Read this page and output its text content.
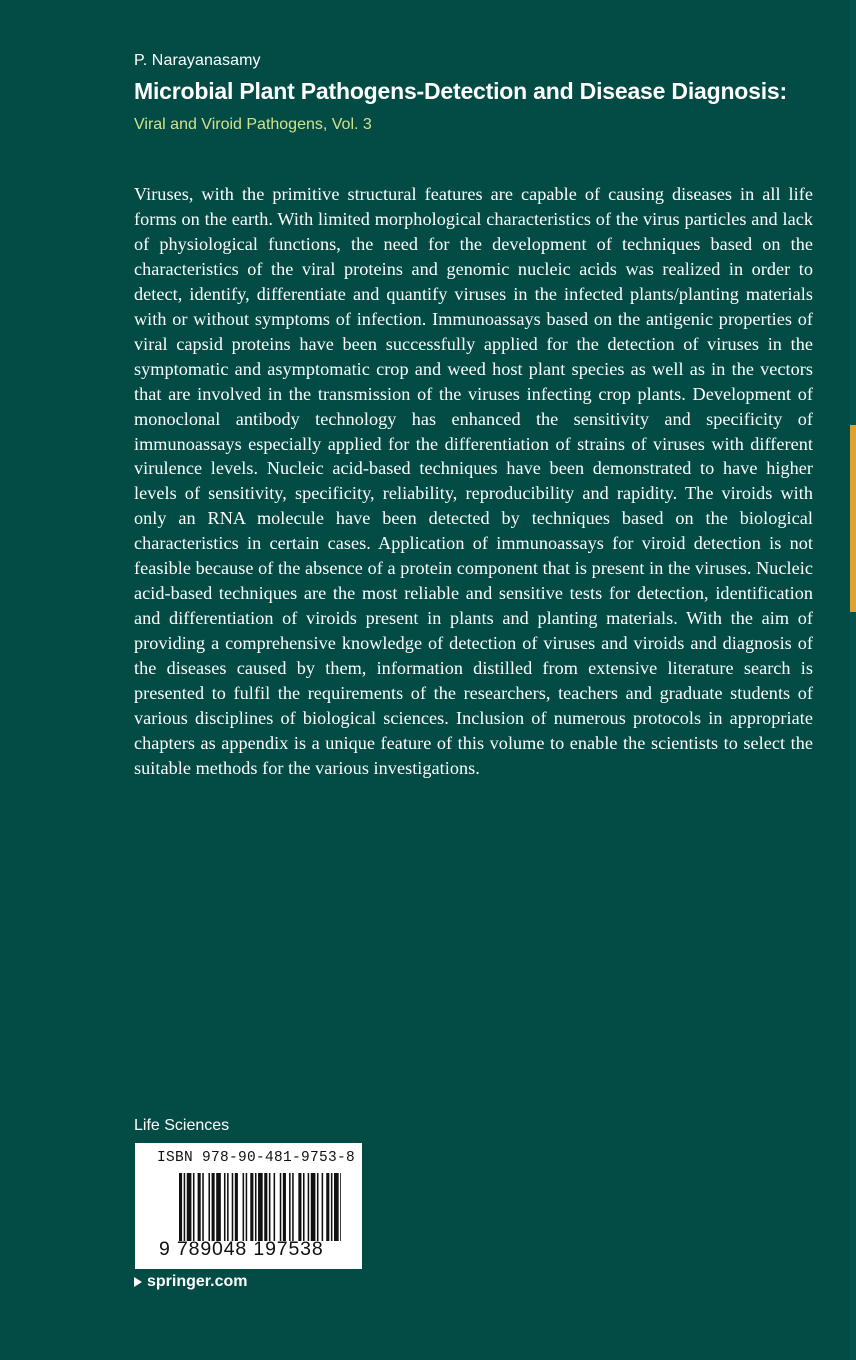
P. Narayanasamy
Microbial Plant Pathogens-Detection and Disease Diagnosis:
Viral and Viroid Pathogens, Vol. 3

Viruses, with the primitive structural features are capable of causing diseases in all life forms on the earth. With limited morphological characteristics of the virus particles and lack of physiological functions, the need for the development of techniques based on the characteristics of the viral proteins and genomic nucleic acids was realized in order to detect, identify, differentiate and quantify viruses in the infected plants/planting materials with or without symptoms of infection. Immunoassays based on the antigenic properties of viral capsid proteins have been successfully applied for the detection of viruses in the symptomatic and asymptomatic crop and weed host plant species as well as in the vectors that are involved in the transmission of the viruses infecting crop plants. Development of monoclonal antibody technology has enhanced the sensitivity and specificity of immunoassays especially applied for the differentiation of strains of viruses with different virulence levels. Nucleic acid-based techniques have been demonstrated to have higher levels of sensitivity, specificity, reliability, reproducibility and rapidity. The viroids with only an RNA molecule have been detected by techniques based on the biological characteristics in certain cases. Application of immunoassays for viroid detection is not feasible because of the absence of a protein component that is present in the viruses. Nucleic acid-based techniques are the most reliable and sensitive tests for detection, identification and differentiation of viroids present in plants and planting materials. With the aim of providing a comprehensive knowledge of detection of viruses and viroids and diagnosis of the diseases caused by them, information distilled from extensive literature search is presented to fulfil the requirements of the researchers, teachers and graduate students of various disciplines of biological sciences. Inclusion of numerous protocols in appropriate chapters as appendix is a unique feature of this volume to enable the scientists to select the suitable methods for the various investigations.

Life Sciences
ISBN 978-90-481-9753-8
9 789048 197538
springer.com
